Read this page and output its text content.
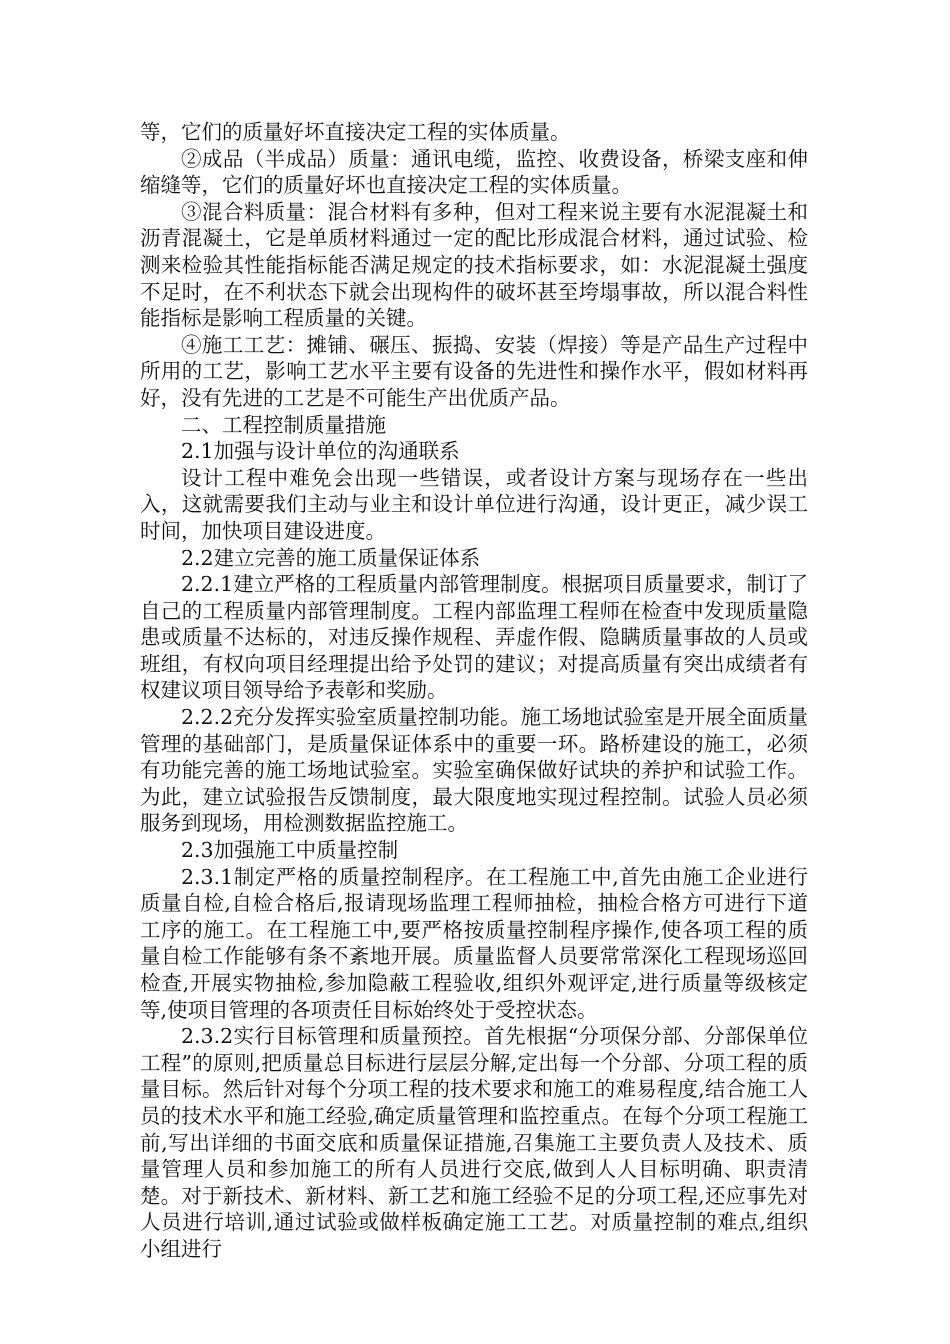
等，它们的质量好坏直接决定工程的实体质量。

②成品（半成品）质量：通讯电缆，监控、收费设备，桥梁支座和伸缩缝等，它们的质量好坏也直接决定工程的实体质量。

③混合料质量：混合材料有多种，但对工程来说主要有水泥混凝土和沥青混凝土，它是单质材料通过一定的配比形成混合材料，通过试验、检测来检验其性能指标能否满足规定的技术指标要求，如：水泥混凝土强度不足时，在不利状态下就会出现构件的破坏甚至垮塌事故，所以混合料性能指标是影响工程质量的关键。

④施工工艺：摊铺、碾压、振捣、安装（焊接）等是产品生产过程中所用的工艺，影响工艺水平主要有设备的先进性和操作水平，假如材料再好，没有先进的工艺是不可能生产出优质产品。

二、工程控制质量措施

2.1加强与设计单位的沟通联系

设计工程中难免会出现一些错误，或者设计方案与现场存在一些出入，这就需要我们主动与业主和设计单位进行沟通，设计更正，减少误工时间，加快项目建设进度。

2.2建立完善的施工质量保证体系

2.2.1建立严格的工程质量内部管理制度。根据项目质量要求，制订了自己的工程质量内部管理制度。工程内部监理工程师在检查中发现质量隐患或质量不达标的，对违反操作规程、弄虚作假、隐瞒质量事故的人员或班组，有权向项目经理提出给予处罚的建议；对提高质量有突出成绩者有权建议项目领导给予表彰和奖励。

2.2.2充分发挥实验室质量控制功能。施工场地试验室是开展全面质量管理的基础部门，是质量保证体系中的重要一环。路桥建设的施工，必须有功能完善的施工场地试验室。实验室确保做好试块的养护和试验工作。为此，建立试验报告反馈制度，最大限度地实现过程控制。试验人员必须服务到现场，用检测数据监控施工。

2.3加强施工中质量控制

2.3.1制定严格的质量控制程序。在工程施工中,首先由施工企业进行质量自检,自检合格后,报请现场监理工程师抽检，抽检合格方可进行下道工序的施工。在工程施工中,要严格按质量控制程序操作,使各项工程的质量自检工作能够有条不紊地开展。质量监督人员要常常深化工程现场巡回检查,开展实物抽检,参加隐蔽工程验收,组织外观评定,进行质量等级核定等,使项目管理的各项责任目标始终处于受控状态。

2.3.2实行目标管理和质量预控。首先根据“分项保分部、分部保单位工程”的原则,把质量总目标进行层层分解,定出每一个分部、分项工程的质量目标。然后针对每个分项工程的技术要求和施工的难易程度,结合施工人员的技术水平和施工经验,确定质量管理和监控重点。在每个分项工程施工前,写出详细的书面交底和质量保证措施,召集施工主要负责人及技术、质量管理人员和参加施工的所有人员进行交底,做到人人目标明确、职责清楚。对于新技术、新材料、新工艺和施工经验不足的分项工程,还应事先对人员进行培训,通过试验或做样板确定施工工艺。对质量控制的难点,组织小组进行
